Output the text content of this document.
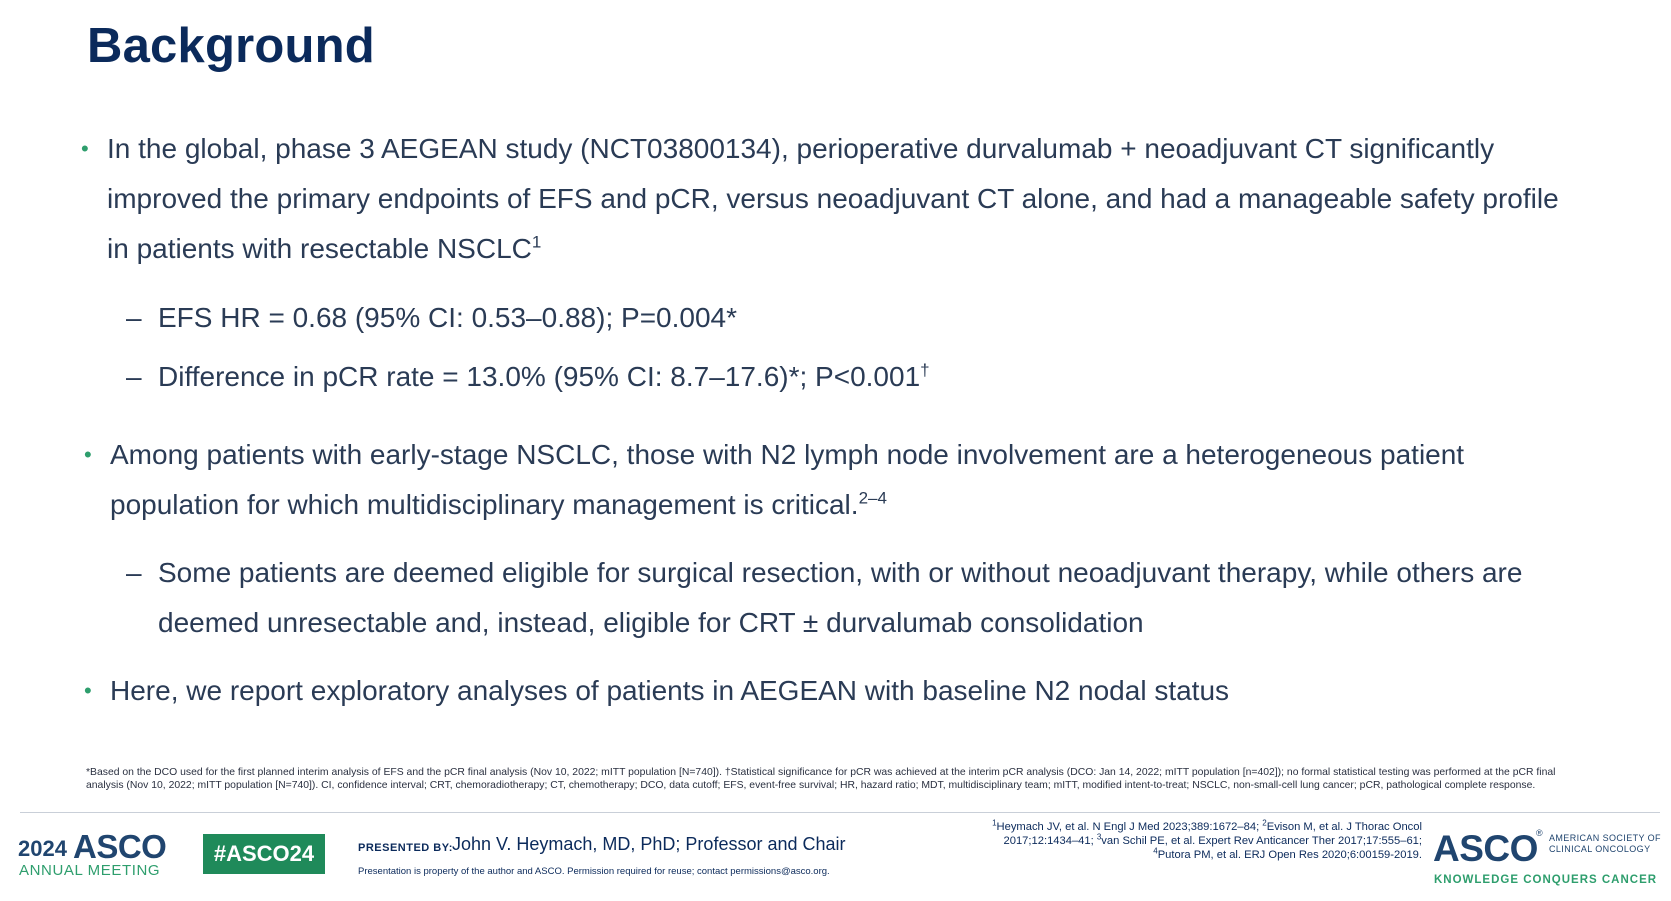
Background

• In the global, phase 3 AEGEAN study (NCT03800134), perioperative durvalumab + neoadjuvant CT significantly improved the primary endpoints of EFS and pCR, versus neoadjuvant CT alone, and had a manageable safety profile in patients with resectable NSCLC$^1$

– EFS HR = 0.68 (95% CI: 0.53–0.88); P=0.004*

– Difference in pCR rate = 13.0% (95% CI: 8.7–17.6)*; P<0.001†

• Among patients with early-stage NSCLC, those with N2 lymph node involvement are a heterogeneous patient population for which multidisciplinary management is critical.$^{2-4}$

– Some patients are deemed eligible for surgical resection, with or without neoadjuvant therapy, while others are deemed unresectable and, instead, eligible for CRT ± durvalumab consolidation

• Here, we report exploratory analyses of patients in AEGEAN with baseline N2 nodal status

*Based on the DCO used for the first planned interim analysis of EFS and the pCR final analysis (Nov 10, 2022; mITT population [N=740]). †Statistical significance for pCR was achieved at the interim pCR analysis (DCO: Jan 14, 2022; mITT population [n=402]); no formal statistical testing was performed at the pCR final analysis (Nov 10, 2022; mITT population [N=740]). CI, confidence interval; CRT, chemoradiotherapy; CT, chemotherapy; DCO, data cutoff; EFS, event-free survival; HR, hazard ratio; MDT, multidisciplinary team; mITT, modified intent-to-treat; NSCLC, non-small-cell lung cancer; pCR, pathological complete response.

2024 ASCO
ANNUAL MEETING
#ASCO24	PRESENTED BY: John V. Heymach, MD, PhD; Professor and Chair
Presentation is property of the author and ASCO. Permission required for reuse; contact permissions@asco.org.
$^1$Heymach JV, et al. N Engl J Med 2023;389:1672–84; $^2$Evison M, et al. J Thorac Oncol 2017;12:1434–41; $^3$van Schil PE, et al. Expert Rev Anticancer Ther 2017;17:555–61; $^4$Putora PM, et al. ERJ Open Res 2020;6:00159-2019. ASCO
® AMERICAN SOCIETY OF
CLINICAL ONCOLOGY
KNOWLEDGE CONQUERS CANCER
